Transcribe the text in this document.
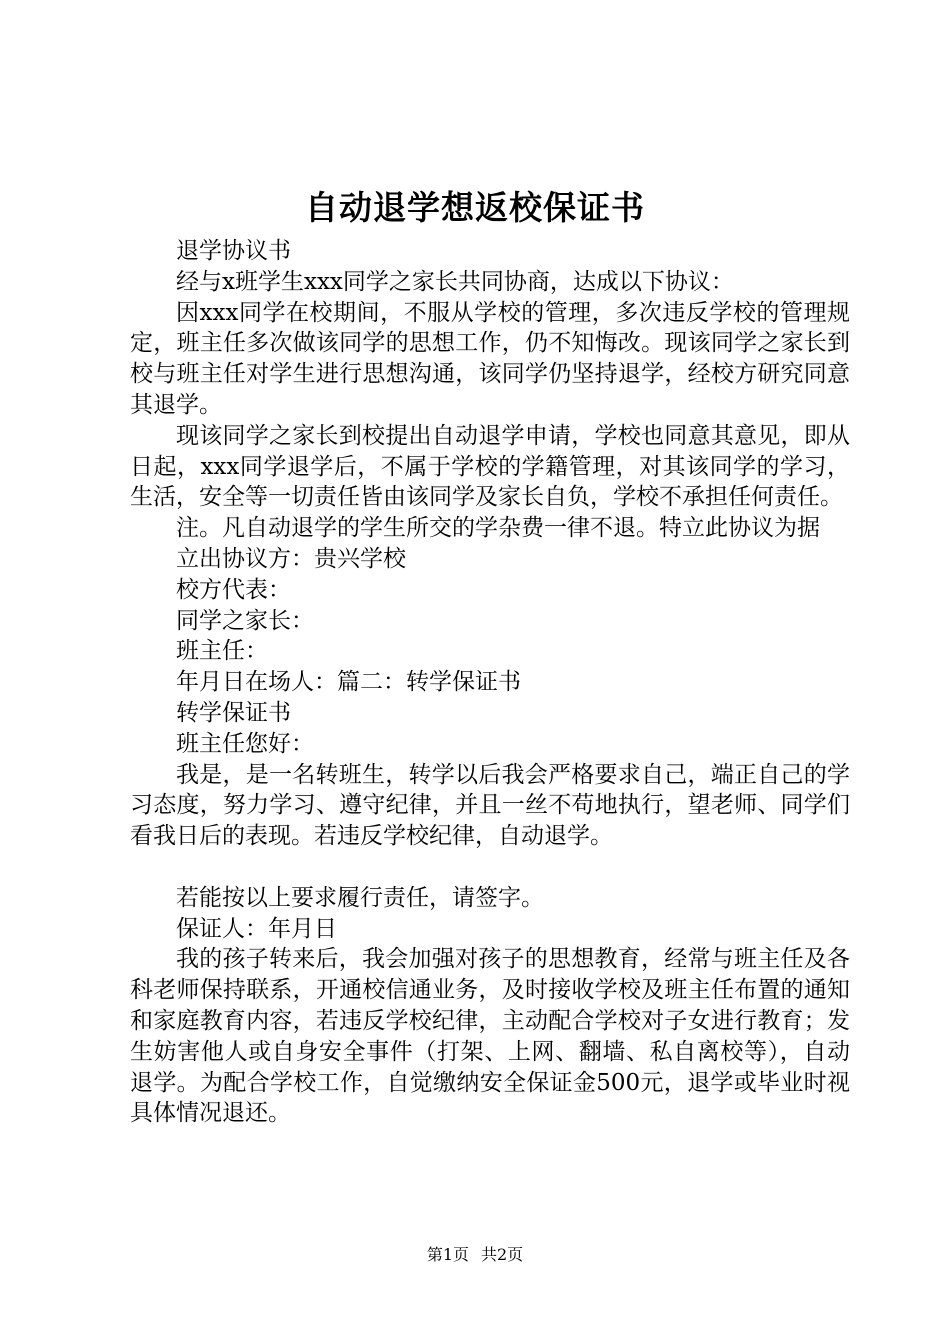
自动退学想返校保证书

退学协议书

经与x班学生xxx同学之家长共同协商，达成以下协议：

因xxx同学在校期间，不服从学校的管理，多次违反学校的管理规定，班主任多次做该同学的思想工作，仍不知悔改。现该同学之家长到校与班主任对学生进行思想沟通，该同学仍坚持退学，经校方研究同意其退学。

现该同学之家长到校提出自动退学申请，学校也同意其意见，即从日起，xxx同学退学后，不属于学校的学籍管理，对其该同学的学习，生活，安全等一切责任皆由该同学及家长自负，学校不承担任何责任。

注。凡自动退学的学生所交的学杂费一律不退。特立此协议为据

立出协议方：贵兴学校

校方代表：

同学之家长：

班主任：

年月日在场人：篇二：转学保证书

转学保证书

班主任您好：

我是，是一名转班生，转学以后我会严格要求自己，端正自己的学习态度，努力学习、遵守纪律，并且一丝不苟地执行，望老师、同学们看我日后的表现。若违反学校纪律，自动退学。

若能按以上要求履行责任，请签字。

保证人：年月日

我的孩子转来后，我会加强对孩子的思想教育，经常与班主任及各科老师保持联系，开通校信通业务，及时接收学校及班主任布置的通知和家庭教育内容，若违反学校纪律，主动配合学校对子女进行教育；发生妨害他人或自身安全事件（打架、上网、翻墙、私自离校等），自动退学。为配合学校工作，自觉缴纳安全保证金500元，退学或毕业时视具体情况退还。

第1页 共2页
